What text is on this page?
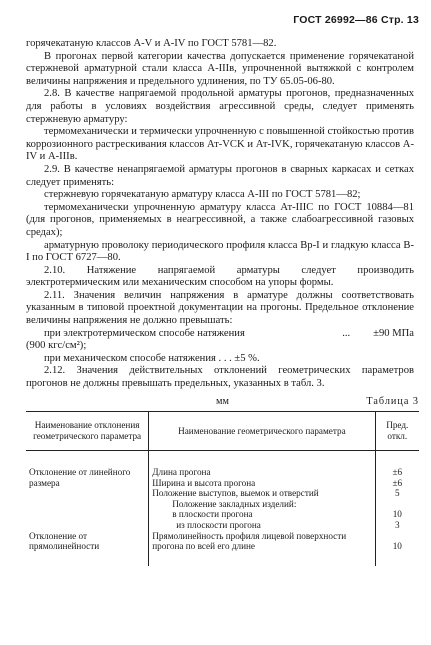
ГОСТ 26992—86 Стр. 13

горячекатаную классов A-V и A-IV по ГОСТ 5781—82.

В прогонах первой категории качества допускается применение горячекатаной стержневой арматурной стали класса A-IIIв, упрочненной вытяжкой с контролем величины напряжения и предельного удлинения, по ТУ 65.05-06-80.

2.8. В качестве напрягаемой продольной арматуры прогонов, предназначенных для работы в условиях воздействия агрессивной среды, следует применять стержневую арматуру:

термомеханически и термически упрочненную с повышенной стойкостью против коррозионного растрескивания классов Ат-VCK и Ат-IVK, горячекатаную классов A-IV и A-IIIв.

2.9. В качестве ненапрягаемой арматуры прогонов в сварных каркасах и сетках следует применять:

стержневую горячекатаную арматуру класса A-III по ГОСТ 5781—82;

термомеханически упрочненную арматуру класса Ат-IIIС по ГОСТ 10884—81 (для прогонов, применяемых в неагрессивной, а также слабоагрессивной газовых средах);

арматурную проволоку периодического профиля класса Вр-I и гладкую класса B-I по ГОСТ 6727—80.

2.10. Натяжение напрягаемой арматуры следует производить электротермическим или механическим способом на упоры формы.

2.11. Значения величин напряжения в арматуре должны соответствовать указанным в типовой проектной документации на прогоны. Предельное отклонение величины напряжения не должно превышать:

при электротермическом способе натяжения	...	±90 МПа

(900 кгс/см²);

при механическом способе натяжения . . . ±5 %.

2.12. Значения действительных отклонений геометрических параметров прогонов не должны превышать предельных, указанных в табл. 3.

мм	Таблица 3
Наименование отклонения геометрического параметра	Наименование геометрического параметра	Пред. откл.
Отклонение от линейного размера	Длина прогона	±6
	Ширина и высота прогона	±6
	Положение выступов, выемок и отверстий	5

	Положение закладных изделий:	

	в плоскости прогона	10

	из плоскости прогона	3
Отклонение от прямолинейности	Прямолинейность профиля лицевой поверхности прогона по всей его длине	10
